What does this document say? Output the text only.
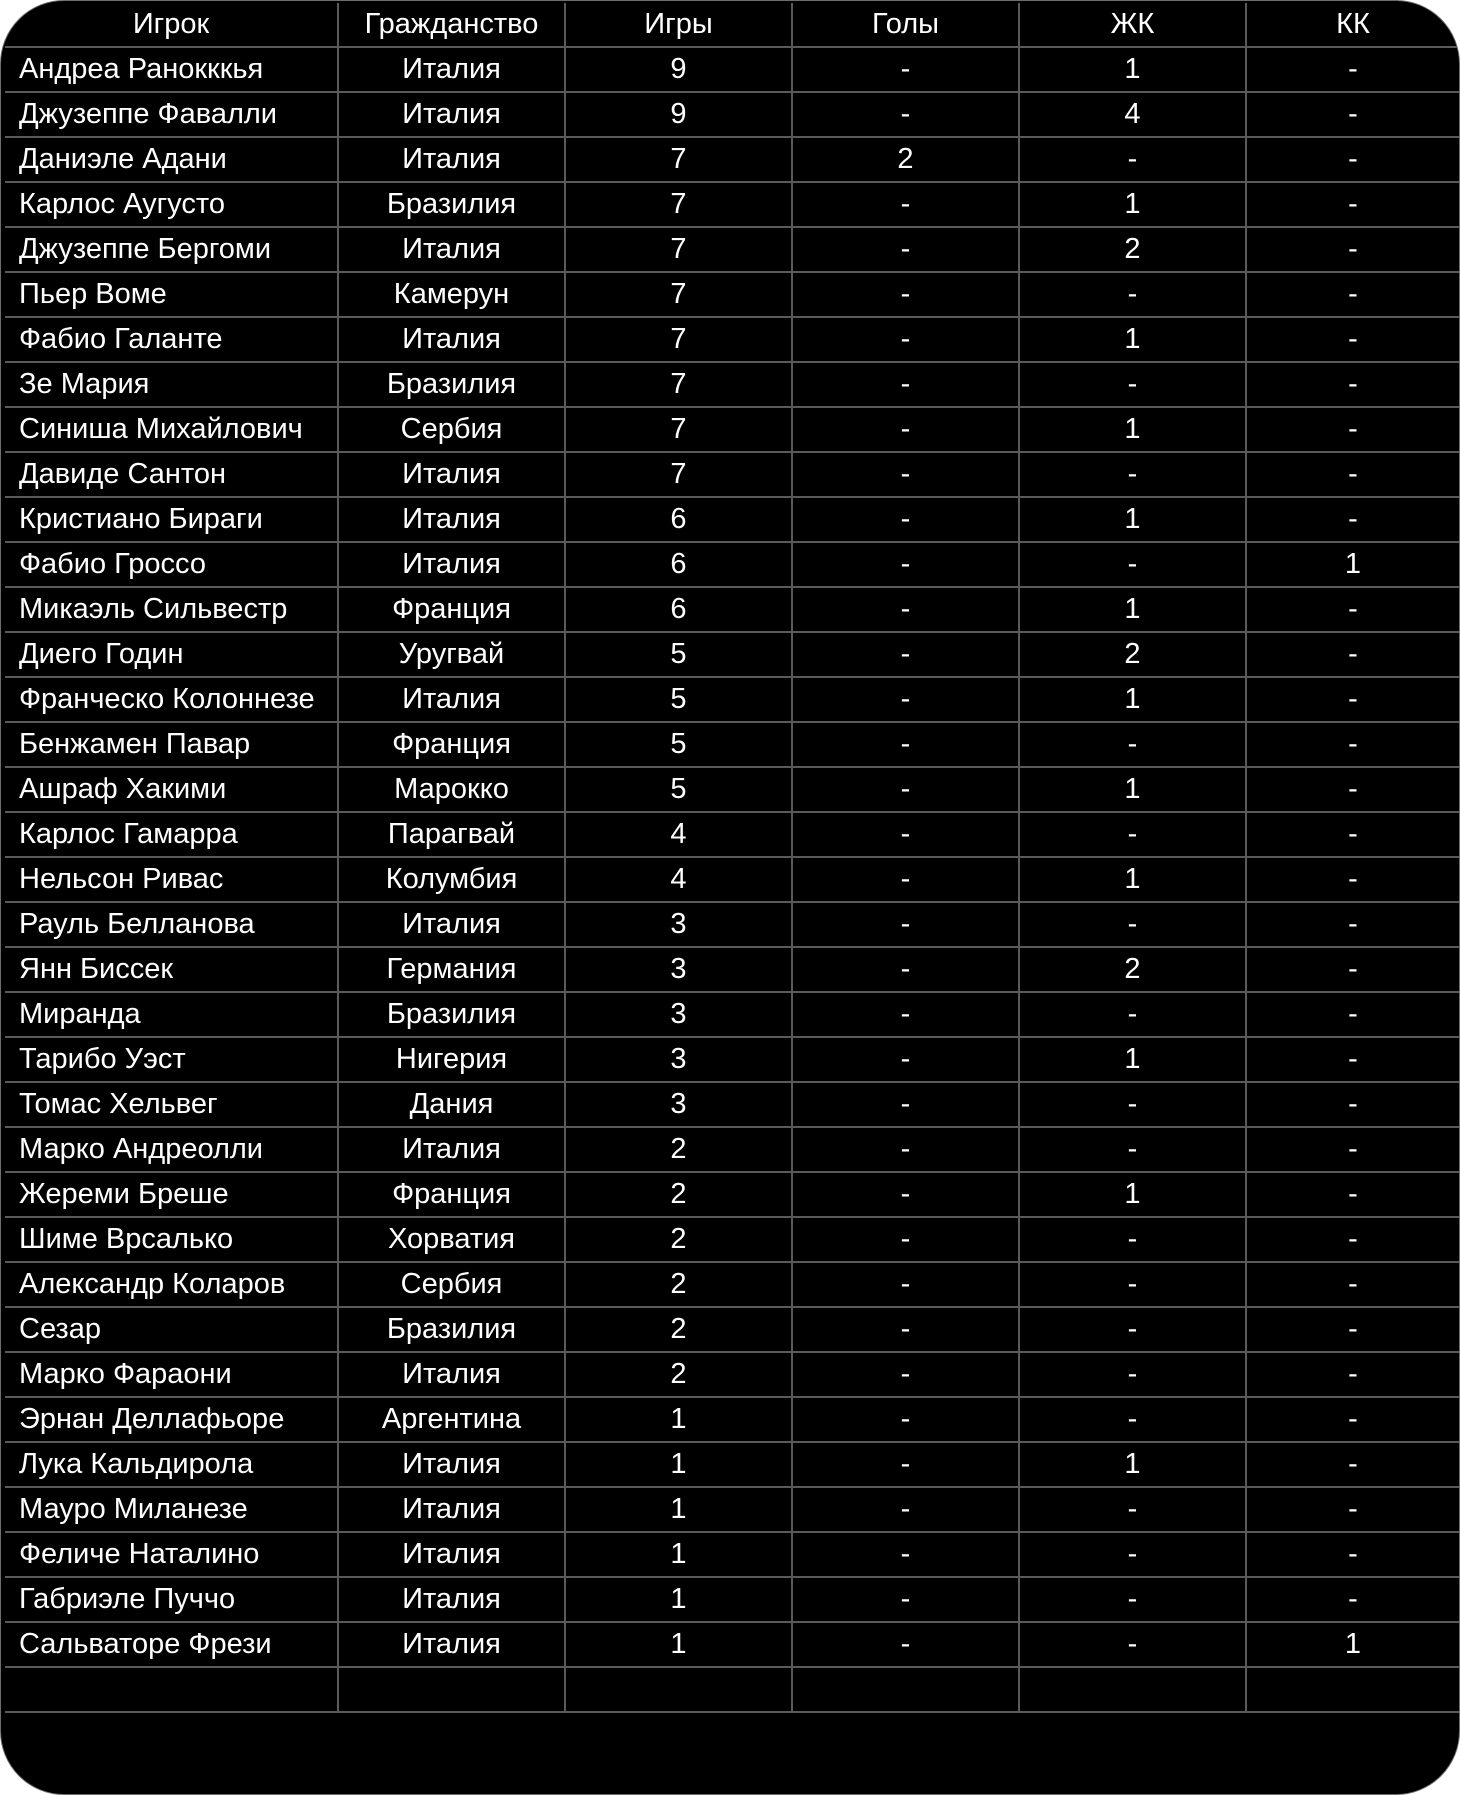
Игрок	Гражданство	Игры	Голы	ЖК	КК
Андреа Ранокккья	Италия	9	-	1	-
Джузеппе Фавалли	Италия	9	-	4	-
Даниэле Адани	Италия	7	2	-	-
Карлос Аугусто	Бразилия	7	-	1	-
Джузеппе Бергоми	Италия	7	-	2	-
Пьер Воме	Камерун	7	-	-	-
Фабио Галанте	Италия	7	-	1	-
Зе Мария	Бразилия	7	-	-	-
Синиша Михайлович	Сербия	7	-	1	-
Давиде Сантон	Италия	7	-	-	-
Кристиано Бираги	Италия	6	-	1	-
Фабио Гроссо	Италия	6	-	-	1
Микаэль Сильвестр	Франция	6	-	1	-
Диего Годин	Уругвай	5	-	2	-
Франческо Колоннезе	Италия	5	-	1	-
Бенжамен Павар	Франция	5	-	-	-
Ашраф Хакими	Марокко	5	-	1	-
Карлос Гамарра	Парагвай	4	-	-	-
Нельсон Ривас	Колумбия	4	-	1	-
Рауль Белланова	Италия	3	-	-	-
Янн Биссек	Германия	3	-	2	-
Миранда	Бразилия	3	-	-	-
Тарибо Уэст	Нигерия	3	-	1	-
Томас Хельвег	Дания	3	-	-	-
Марко Андреолли	Италия	2	-	-	-
Жереми Бреше	Франция	2	-	1	-
Шиме Врсалько	Хорватия	2	-	-	-
Александр Коларов	Сербия	2	-	-	-
Сезар	Бразилия	2	-	-	-
Марко Фараони	Италия	2	-	-	-
Эрнан Деллафьоре	Аргентина	1	-	-	-
Лука Кальдирола	Италия	1	-	1	-
Мауро Миланезе	Италия	1	-	-	-
Феличе Наталино	Италия	1	-	-	-
Габриэле Пуччо	Италия	1	-	-	-
Сальваторе Фрези	Италия	1	-	-	1
